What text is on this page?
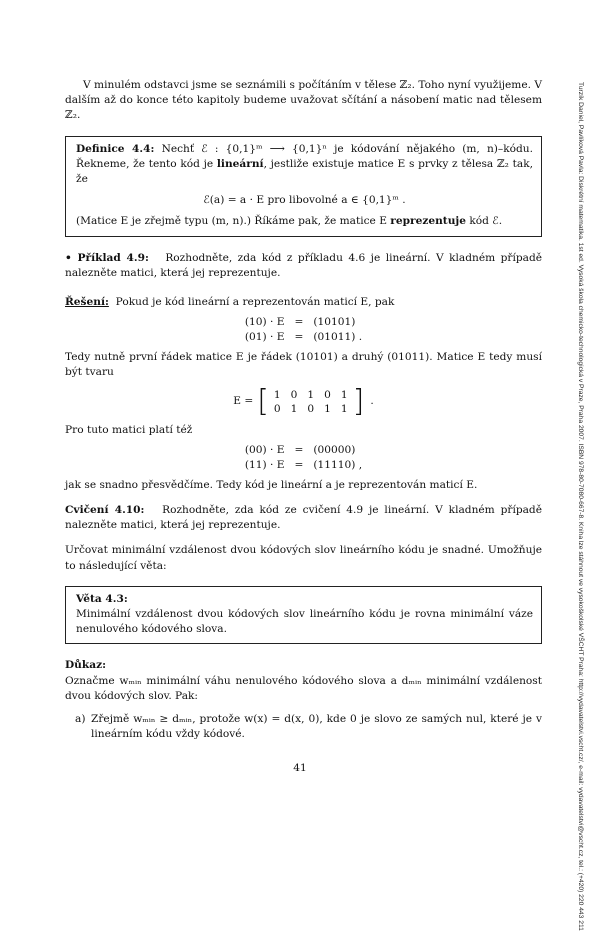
Turzík Daniel, Pavlíková Pavla: Diskrétní matematika. 1st ed. Vysoká škola chemicko-technologická v Praze, Praha 2007. ISBN 978-80-7080-667-8. Kniha lze stáhnout ve vysokoškolské VŠCHT Praha: http://vydavatelstvi.vscht.cz/, e-mail: vydavatelstvi@vscht.cz, tel.: (+420) 220 443 211

V minulém odstavci jsme se seznámili s počítáním v tělese ℤ₂. Toho nyní využijeme. V dalším až do konce této kapitoly budeme uvažovat sčítání a násobení matic nad tělesem ℤ₂.

Definice 4.4: Nechť ℰ : {0,1}ᵐ ⟶ {0,1}ⁿ je kódování nějakého (m, n)–kódu. Řekneme, že tento kód je lineární, jestliže existuje matice E s prvky z tělesa ℤ₂ tak, že

ℰ(a) = a · E pro libovolné a ∈ {0,1}ᵐ .

(Matice E je zřejmě typu (m, n).) Říkáme pak, že matice E reprezentuje kód ℰ.

• Příklad 4.9: Rozhodněte, zda kód z příkladu 4.6 je lineární. V kladném případě nalezněte matici, která jej reprezentuje.

Řešení: Pokud je kód lineární a reprezentován maticí E, pak

(10) · E	=	(10101)
(01) · E	=	(01011) .

Tedy nutně první řádek matice E je řádek (10101) a druhý (01011). Matice E tedy musí být tvaru

E = [ 1	0	1	0	1
0	1	0	1	1 ] .

Pro tuto matici platí též

(00) · E	=	(00000)
(11) · E	=	(11110) ,

jak se snadno přesvědčíme. Tedy kód je lineární a je reprezentován maticí E.

Cvičení 4.10: Rozhodněte, zda kód ze cvičení 4.9 je lineární. V kladném případě nalezněte matici, která jej reprezentuje.

Určovat minimální vzdálenost dvou kódových slov lineárního kódu je snadné. Umožňuje to následující věta:

Věta 4.3:

Minimální vzdálenost dvou kódových slov lineárního kódu je rovna minimální váze nenulového kódového slova.

Důkaz:

Označme wₘᵢₙ minimální váhu nenulového kódového slova a dₘᵢₙ minimální vzdálenost dvou kódových slov. Pak:

a) Zřejmě wₘᵢₙ ≥ dₘᵢₙ, protože w(x) = d(x, 0), kde 0 je slovo ze samých nul, které je v lineárním kódu vždy kódové.
41
